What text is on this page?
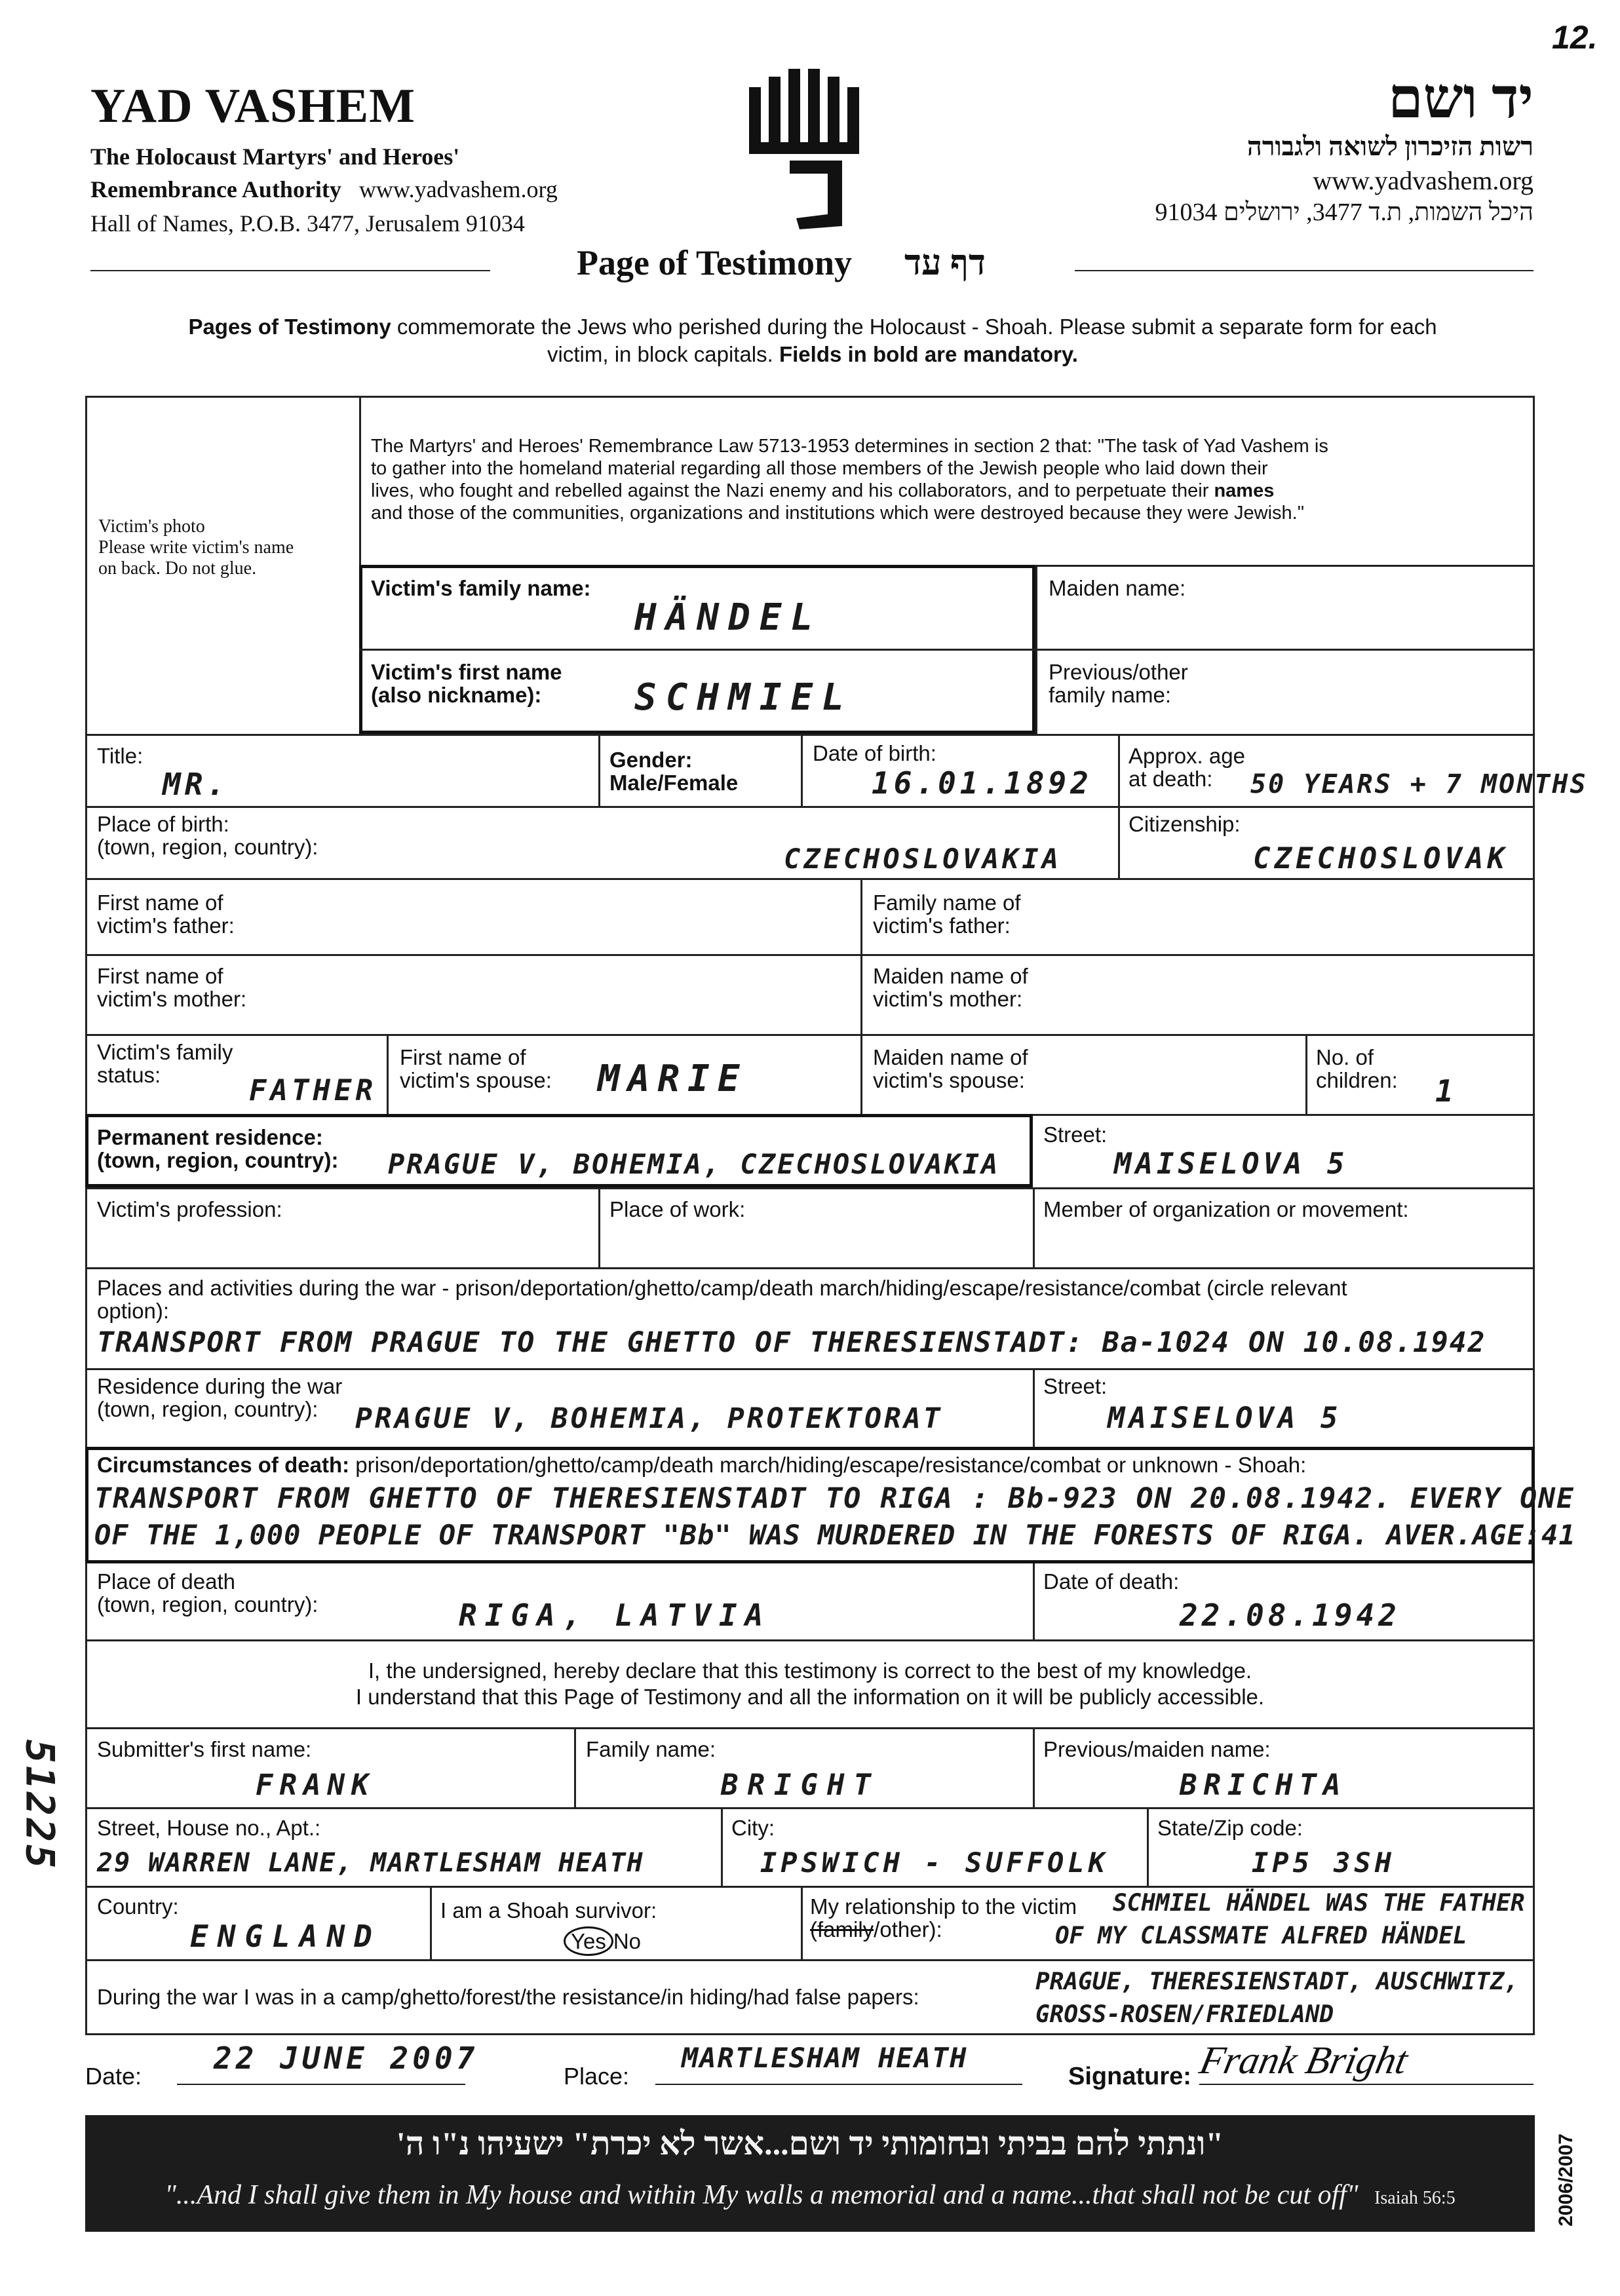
12.
YAD VASHEM
The Holocaust Martyrs' and Heroes'
Remembrance Authority www.yadvashem.org
Hall of Names, P.O.B. 3477, Jerusalem 91034
יד ושם
רשות הזיכרון לשואה ולגבורה
www.yadvashem.org
היכל השמות, ת.ד 3477, ירושלים 91034
Page of Testimony דף עד
Pages of Testimony commemorate the Jews who perished during the Holocaust - Shoah. Please submit a separate form for each
victim, in block capitals. Fields in bold are mandatory.
Victim's photo
Please write victim's name
on back. Do not glue.
The Martyrs' and Heroes' Remembrance Law 5713-1953 determines in section 2 that: "The task of Yad Vashem is
to gather into the homeland material regarding all those members of the Jewish people who laid down their
lives, who fought and rebelled against the Nazi enemy and his collaborators, and to perpetuate their names
and those of the communities, organizations and institutions which were destroyed because they were Jewish."
Victim's family name:
HÄNDEL
Maiden name:
Victim's first name
(also nickname):	SCHMIEL
Previous/other
family name:
Title:
MR.
Gender:
Male/Female
Date of birth:
16.01.1892
Approx. age
at death:	50 YEARS + 7 MONTHS
Place of birth:
(town, region, country):	CZECHOSLOVAKIA
Citizenship:
CZECHOSLOVAK
First name of
victim's father:
Family name of
victim's father:
First name of
victim's mother:
Maiden name of
victim's mother:
Victim's family
status:	FATHER
First name of
victim's spouse: MARIE
Maiden name of
victim's spouse:
No. of
children: 1
Permanent residence:
(town, region, country): PRAGUE V, BOHEMIA, CZECHOSLOVAKIA
Street:
MAISELOVA 5
Victim's profession:	Place of work:	Member of organization or movement:
Places and activities during the war - prison/deportation/ghetto/camp/death march/hiding/escape/resistance/combat (circle relevant
option):
TRANSPORT FROM PRAGUE TO THE GHETTO OF THERESIENSTADT: Ba-1024 ON 10.08.1942
Residence during the war
(town, region, country):	PRAGUE V, BOHEMIA, PROTEKTORAT
Street:
MAISELOVA 5
Circumstances of death: prison/deportation/ghetto/camp/death march/hiding/escape/resistance/combat or unknown - Shoah:
TRANSPORT FROM GHETTO OF THERESIENSTADT TO RIGA : Bb-923 ON 20.08.1942. EVERY ONE
OF THE 1,000 PEOPLE OF TRANSPORT "Bb" WAS MURDERED IN THE FORESTS OF RIGA. AVER.AGE:41
Place of death
(town, region, country):	RIGA, LATVIA
Date of death:
22.08.1942
I, the undersigned, hereby declare that this testimony is correct to the best of my knowledge.
I understand that this Page of Testimony and all the information on it will be publicly accessible.
Submitter's first name:
FRANK
Family name:
BRIGHT
Previous/maiden name:
BRICHTA
Street, House no., Apt.:
29 WARREN LANE, MARTLESHAM HEATH
City:
IPSWICH - SUFFOLK
State/Zip code:
IP5 3SH
Country:
ENGLAND
I am a Shoah survivor:
Yes No
My relationship to the victim
(family/other):
SCHMIEL HÄNDEL WAS THE FATHER
OF MY CLASSMATE ALFRED HÄNDEL
During the war I was in a camp/ghetto/forest/the resistance/in hiding/had false papers:
PRAGUE, THERESIENSTADT, AUSCHWITZ,
GROSS-ROSEN/FRIEDLAND
51225
Date:
22 JUNE 2007
Place:
MARTLESHAM HEATH
Signature: Frank Bright
"ונתתי להם בביתי ובחומותי יד ושם...אשר לא יכרת" ישעיהו נ"ו ה'
"...And I shall give them in My house and within My walls a memorial and a name...that shall not be cut off" Isaiah 56:5	2006/2007
